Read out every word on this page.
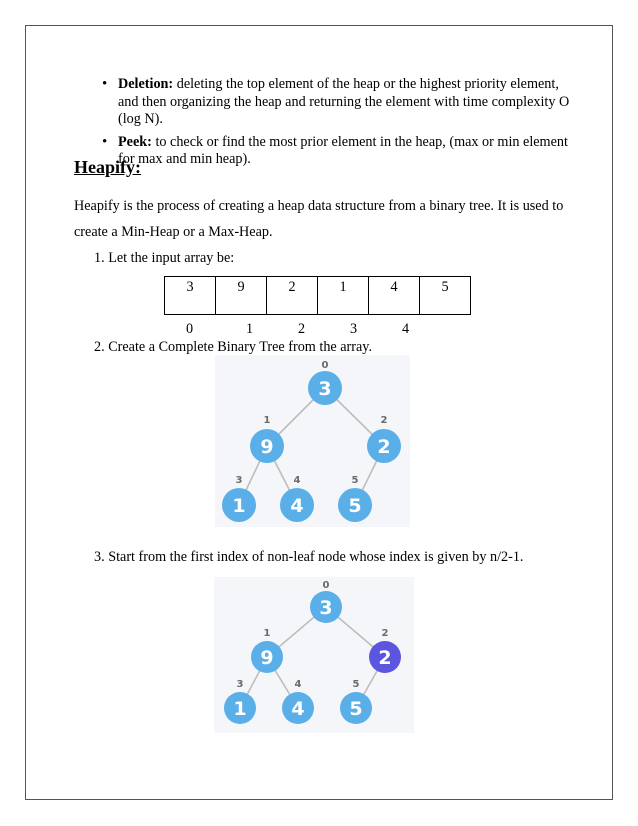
• Deletion: deleting the top element of the heap or the highest priority element, and then organizing the heap and returning the element with time complexity O (log N).
• Peek: to check or find the most prior element in the heap, (max or min element for max and min heap).
Heapify:
Heapify is the process of creating a heap data structure from a binary tree. It is used to create a Min-Heap or a Max-Heap.
1. Let the input array be:
3	9	2	1	4	5
0	1	2	3	4
2. Create a Complete Binary Tree from the array.
3
0
9
1
2
2
1
3
4
4
5
5
3. Start from the first index of non-leaf node whose index is given by n/2-1.
3
0
9
1
2
2
1
3
4
4
5
5
